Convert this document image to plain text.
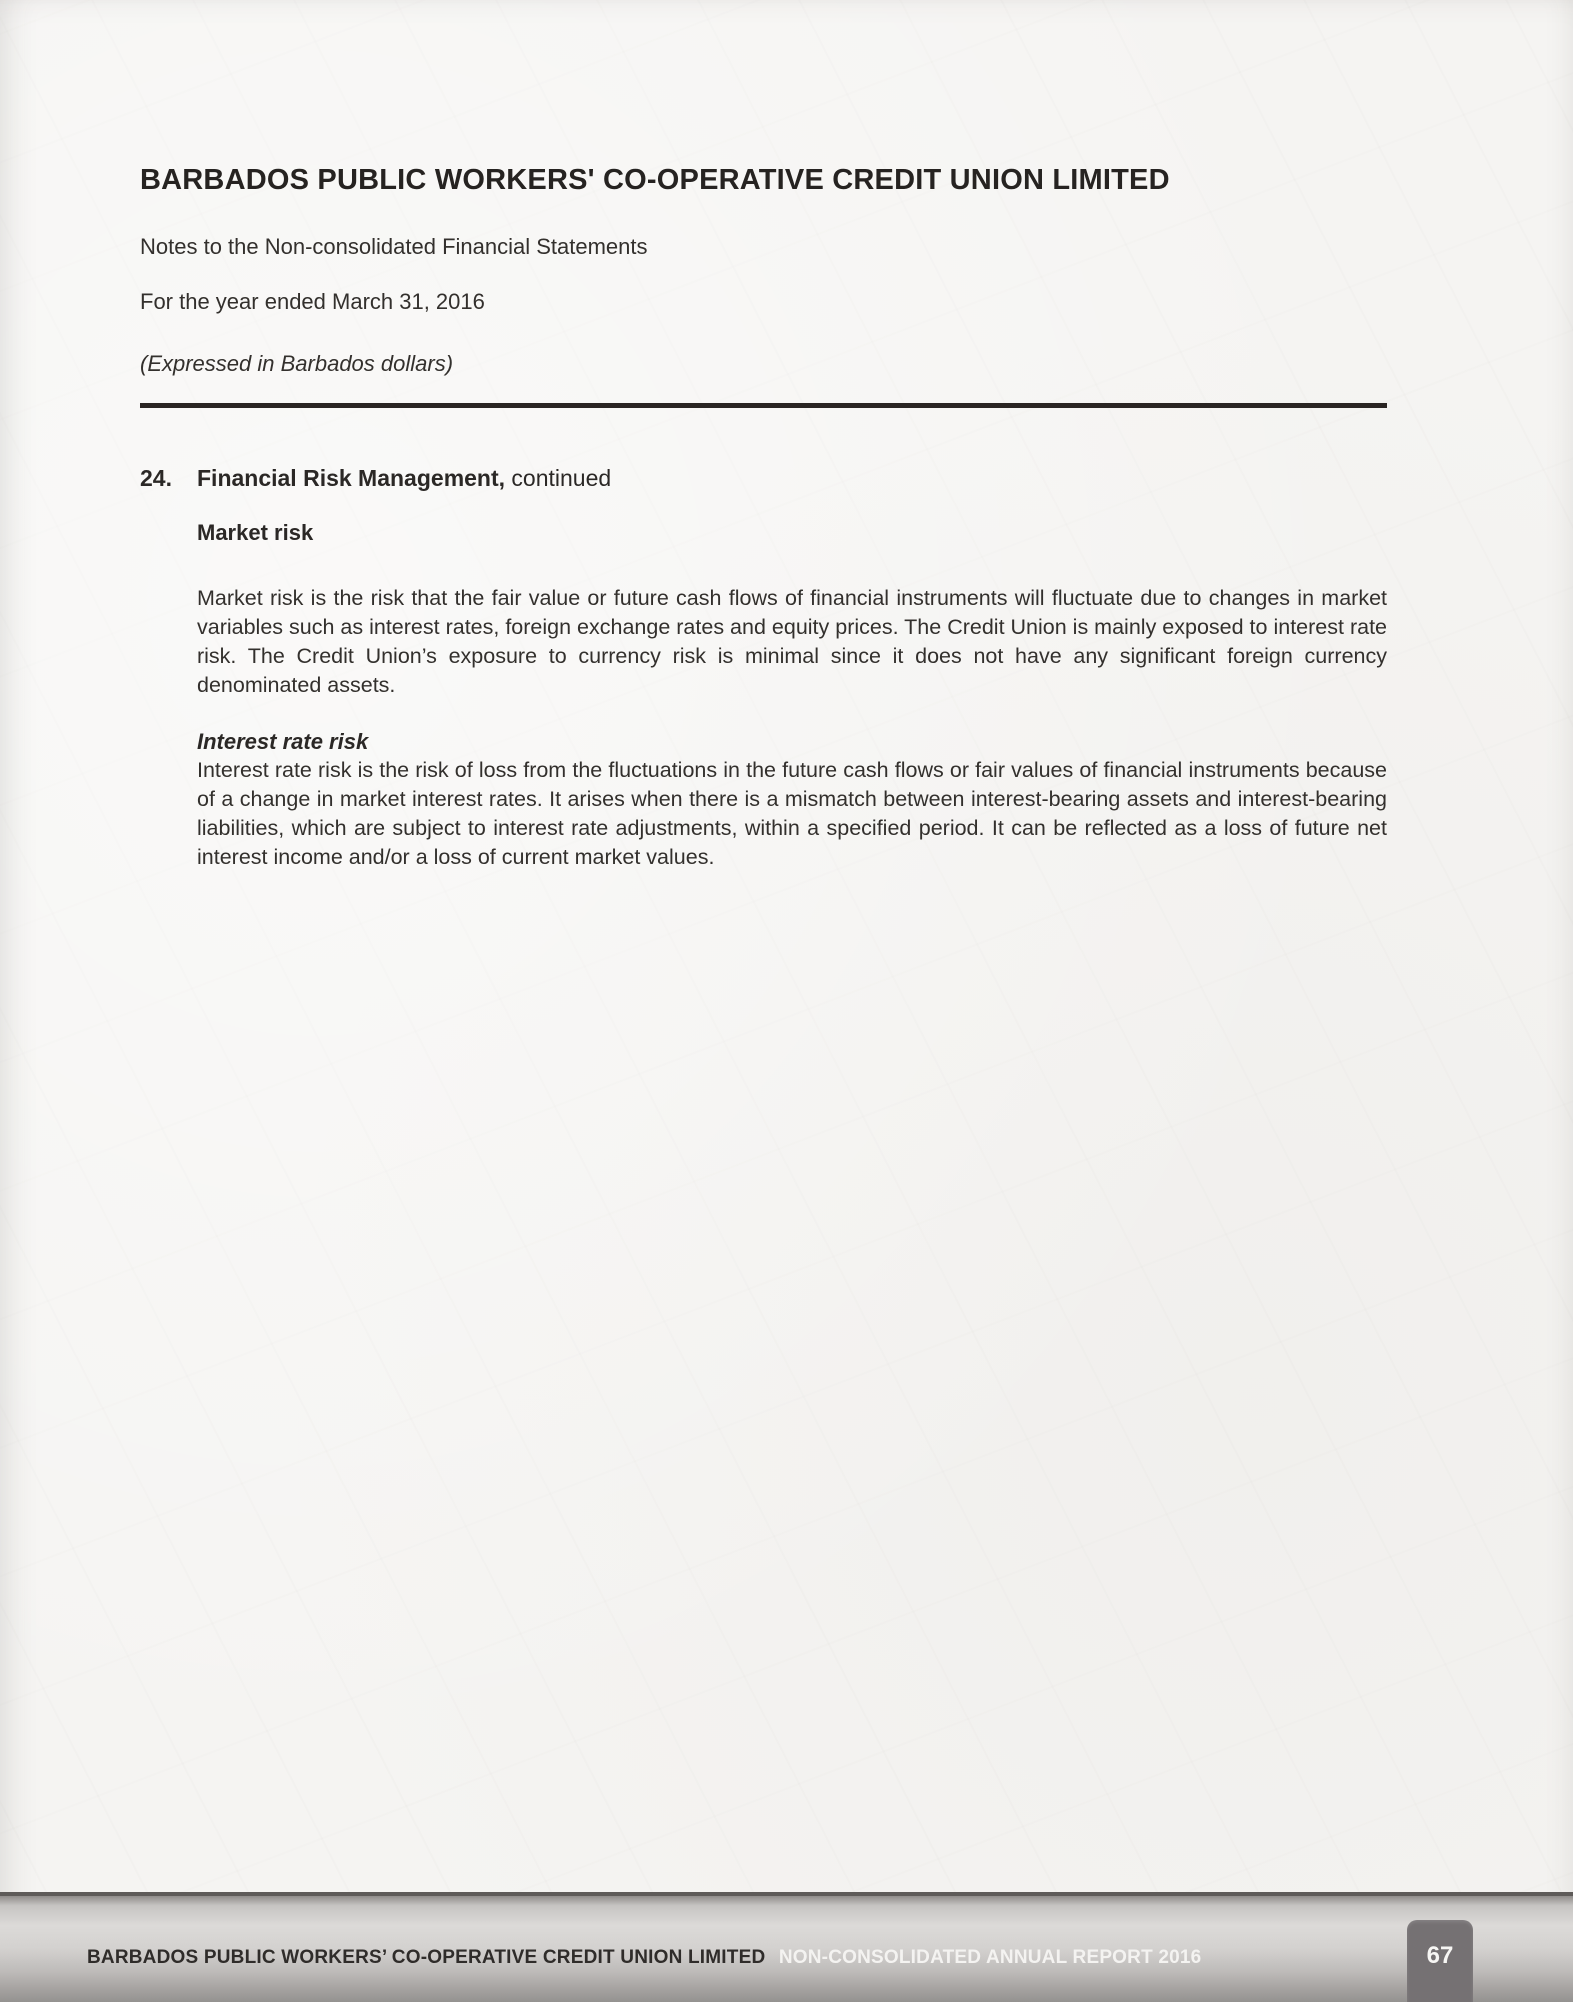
BARBADOS PUBLIC WORKERS' CO-OPERATIVE CREDIT UNION LIMITED

Notes to the Non-consolidated Financial Statements

For the year ended March 31, 2016

(Expressed in Barbados dollars)

24.	Financial Risk Management, continued
Market risk

Market risk is the risk that the fair value or future cash flows of financial instruments will fluctuate due to changes in market variables such as interest rates, foreign exchange rates and equity prices. The Credit Union is mainly exposed to interest rate risk. The Credit Union’s exposure to currency risk is minimal since it does not have any significant foreign currency denominated assets.

Interest rate risk

Interest rate risk is the risk of loss from the fluctuations in the future cash flows or fair values of financial instruments because of a change in market interest rates. It arises when there is a mismatch between interest-bearing assets and interest-bearing liabilities, which are subject to interest rate adjustments, within a specified period. It can be reflected as a loss of future net interest income and/or a loss of current market values.

BARBADOS PUBLIC WORKERS’ CO-OPERATIVE CREDIT UNION LIMITED NON-CONSOLIDATED ANNUAL REPORT 2016	67
